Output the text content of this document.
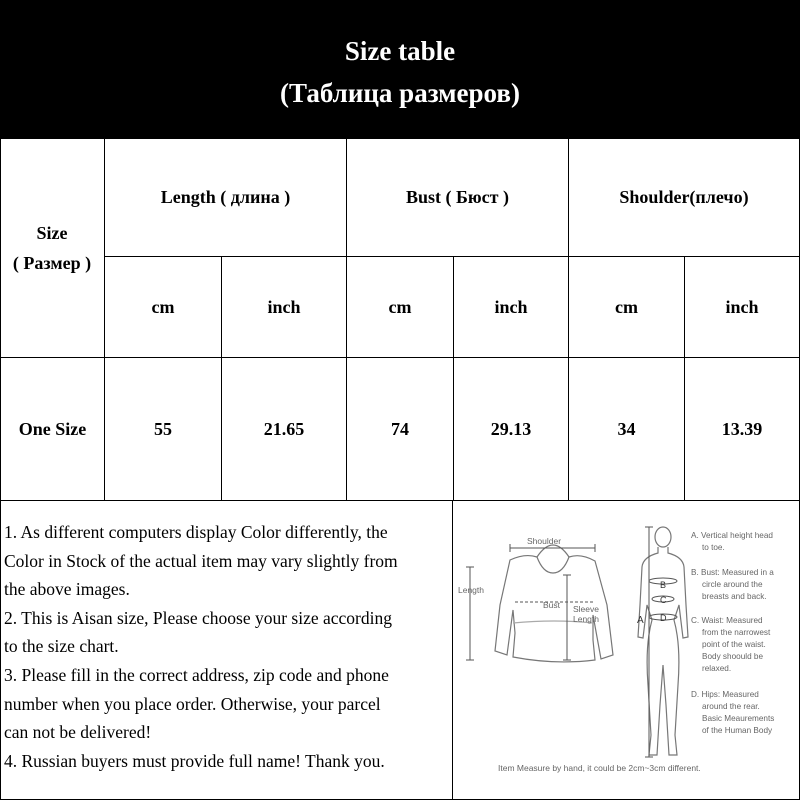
Size table
(Таблица размеров)
Size
( Размер )
Length ( длина )	Bust ( Бюст )	Shoulder(плечо)
cm	inch	cm	inch	cm	inch
One Size	55	21.65	74	29.13	34	13.39
1. As different computers display Color differently, the
Color in Stock of the actual item may vary slightly from
the above images.
2. This is Aisan size, Please choose your size according
to the size chart.
3. Please fill in the correct address, zip code and phone
number when you place order. Otherwise, your parcel
can not be delivered!
4. Russian buyers must provide full name! Thank you.
Shoulder
Length
Bust Sleeve
Length	A
B
C
D
A. Vertical height head
to toe.
B. Bust: Measured in a
circle around the
breasts and back.
C. Waist: Measured
from the narrowest
point of the waist.
Body shoould be
relaxed.
D. Hips: Measured
around the rear.
Basic Meaurements
of the Human Body
Item Measure by hand, it could be 2cm~3cm different.
